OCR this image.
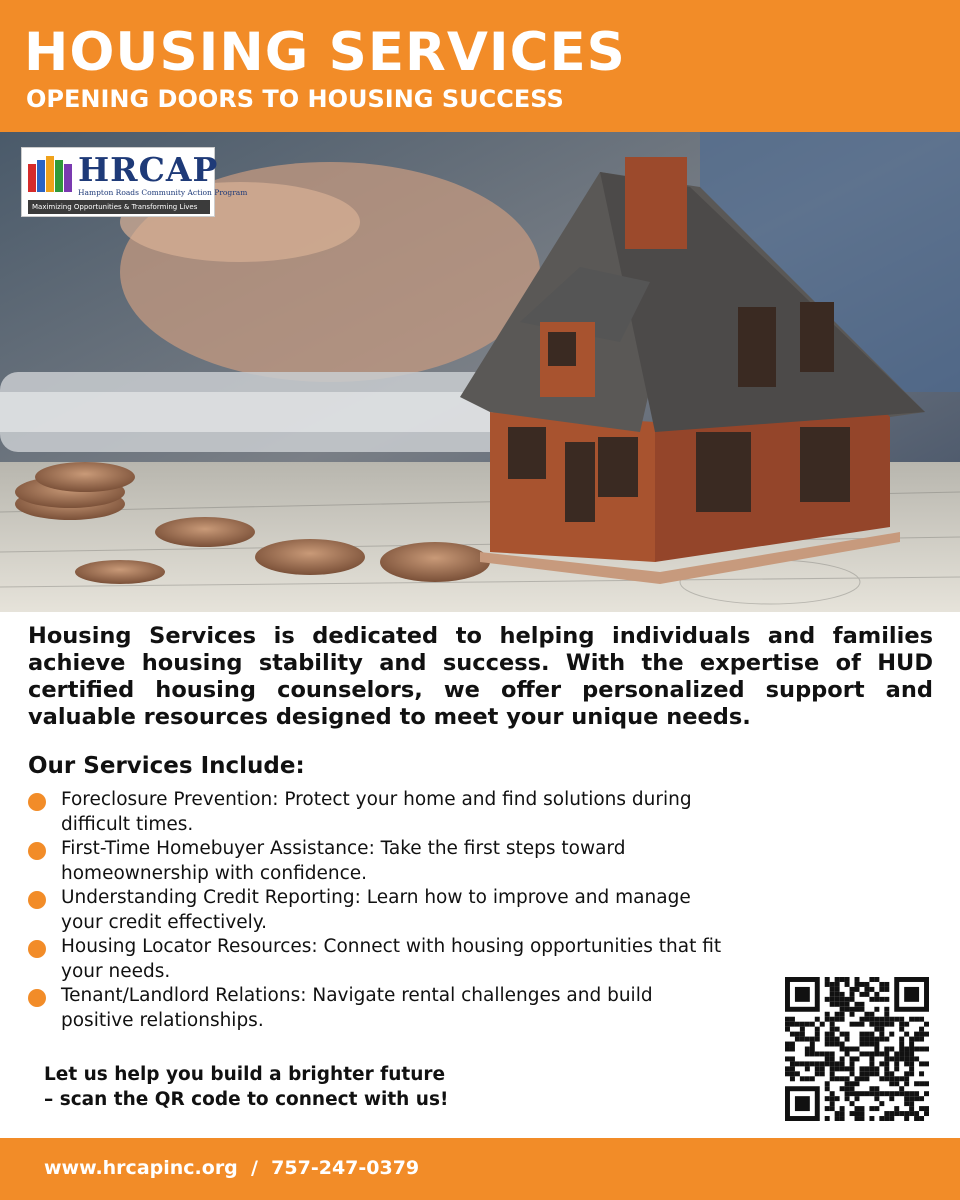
HOUSING SERVICES
OPENING DOORS TO HOUSING SUCCESS
HRCAP
Hampton Roads Community Action Program
Maximizing Opportunities & Transforming Lives

Housing Services is dedicated to helping individuals and families achieve housing stability and success. With the expertise of HUD certified housing counselors, we offer personalized support and valuable resources designed to meet your unique needs.

Our Services Include:
Foreclosure Prevention: Protect your home and find solutions during difficult times.
First-Time Homebuyer Assistance: Take the first steps toward homeownership with confidence.
Understanding Credit Reporting: Learn how to improve and manage your credit effectively.
Housing Locator Resources: Connect with housing opportunities that fit your needs.
Tenant/Landlord Relations: Navigate rental challenges and build positive relationships.
Let us help you build a brighter future
– scan the QR code to connect with us!
www.hrcapinc.org  /  757-247-0379
